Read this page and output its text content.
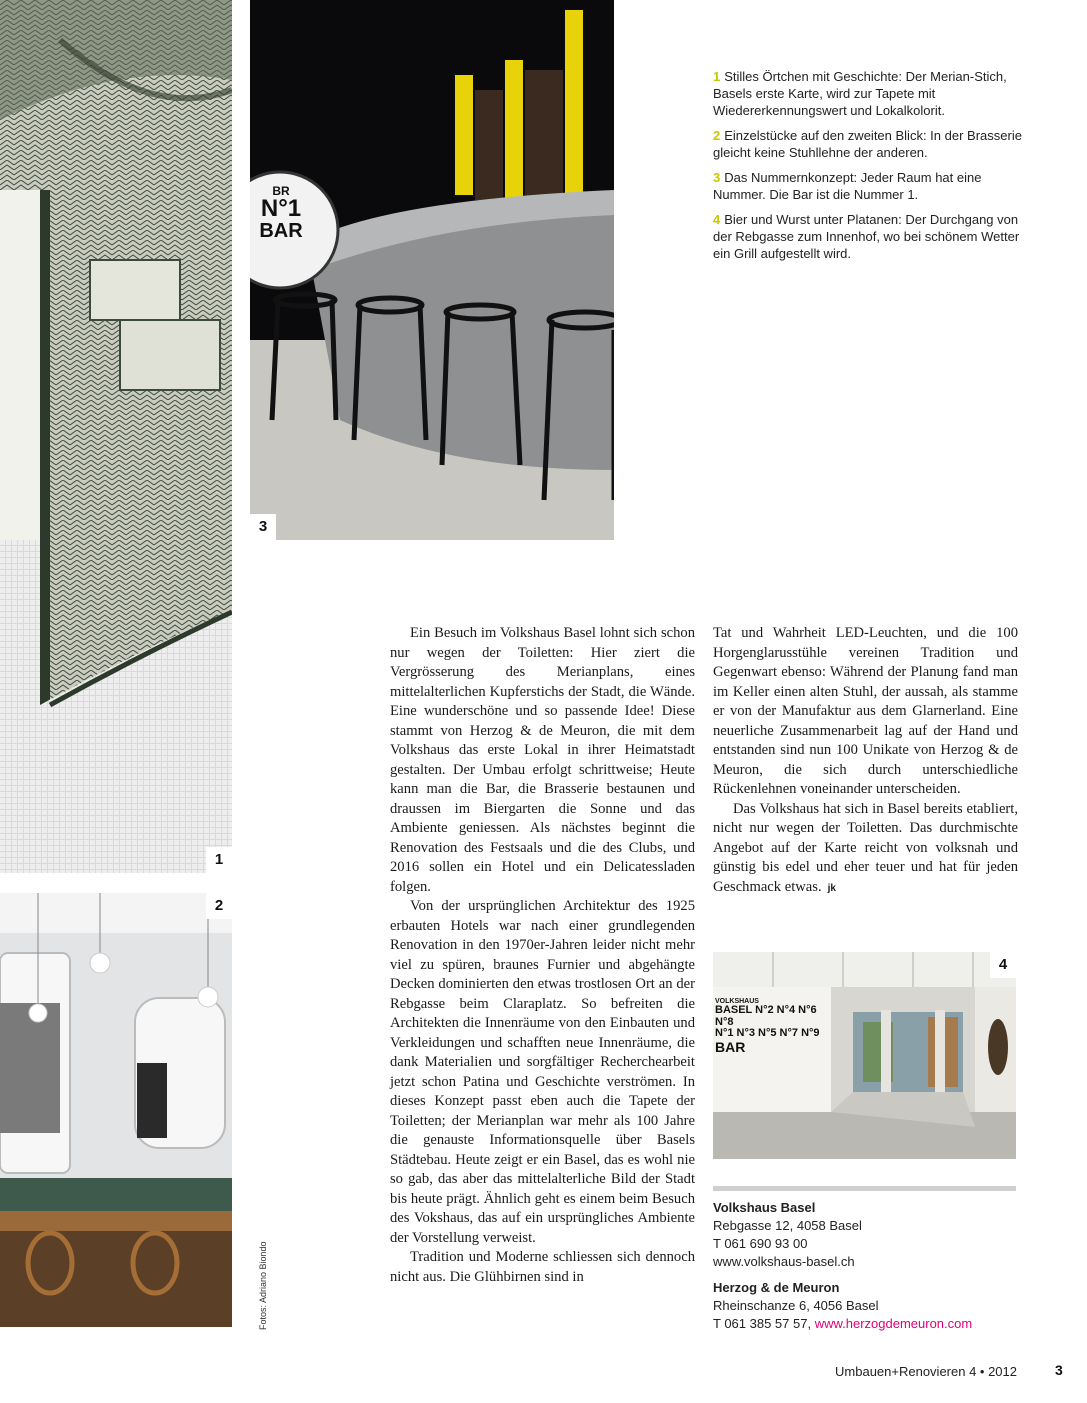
1
2
BR
N°1
BAR
3

1 Stilles Örtchen mit Geschichte: Der Merian-Stich, Basels erste Karte, wird zur Tapete mit Wiedererkennungswert und Lokalkolorit.

2 Einzelstücke auf den zweiten Blick: In der Brasserie gleicht keine Stuhllehne der anderen.

3 Das Nummernkonzept: Jeder Raum hat eine Nummer. Die Bar ist die Nummer 1.

4 Bier und Wurst unter Platanen: Der Durchgang von der Rebgasse zum Innenhof, wo bei schönem Wetter ein Grill aufgestellt wird.

Ein Besuch im Volkshaus Basel lohnt sich schon nur wegen der Toiletten: Hier ziert die Vergrösserung des Merianplans, eines mittelalterlichen Kupferstichs der Stadt, die Wände. Eine wunderschöne und so passende Idee! Diese stammt von Herzog & de Meuron, die mit dem Volkshaus das erste Lokal in ihrer Heimatstadt gestalten. Der Umbau erfolgt schrittweise; Heute kann man die Bar, die Brasserie bestaunen und draussen im Biergarten die Sonne und das Ambiente geniessen. Als nächstes beginnt die Renovation des Festsaals und die des Clubs, und 2016 sollen ein Hotel und ein Delicatessladen folgen.

Von der ursprünglichen Architektur des 1925 erbauten Hotels war nach einer grundlegenden Renovation in den 1970er-Jahren leider nicht mehr viel zu spüren, braunes Furnier und abgehängte Decken dominierten den etwas trostlosen Ort an der Rebgasse beim Claraplatz. So befreiten die Architekten die Innenräume von den Einbauten und Verkleidungen und schafften neue Innenräume, die dank Materialien und sorgfältiger Recherchearbeit jetzt schon Patina und Geschichte verströmen. In dieses Konzept passt eben auch die Tapete der Toiletten; der Merianplan war mehr als 100 Jahre die genauste Informationsquelle über Basels Städtebau. Heute zeigt er ein Basel, das es wohl nie so gab, das aber das mittelalterliche Bild der Stadt bis heute prägt. Ähnlich geht es einem beim Besuch des Vokshaus, das auf ein ursprüngliches Ambiente der Vorstellung verweist.

Tradition und Moderne schliessen sich dennoch nicht aus. Die Glühbirnen sind in

Tat und Wahrheit LED-Leuchten, und die 100 Horgenglarusstühle vereinen Tradition und Gegenwart ebenso: Während der Planung fand man im Keller einen alten Stuhl, der aussah, als stamme er von der Manufaktur aus dem Glarnerland. Eine neuerliche Zusammenarbeit lag auf der Hand und entstanden sind nun 100 Unikate von Herzog & de Meuron, die sich durch unterschiedliche Rückenlehnen voneinander unterscheiden.

Das Volkshaus hat sich in Basel bereits etabliert, nicht nur wegen der Toiletten. Das durchmischte Angebot auf der Karte reicht von volksnah und günstig bis edel und eher teuer und hat für jeden Geschmack etwas. jk

VOLKSHAUS
BASEL N°2 N°4 N°6 N°8
N°1 N°3 N°5 N°7 N°9
BAR
4
Volkshaus Basel
Rebgasse 12, 4058 Basel
T 061 690 93 00
www.volkshaus-basel.ch
Herzog & de Meuron
Rheinschanze 6, 4056 Basel
T 061 385 57 57, www.herzogdemeuron.com
Fotos: Adriano Biondo
Umbauen+Renovieren 4 • 2012	3
